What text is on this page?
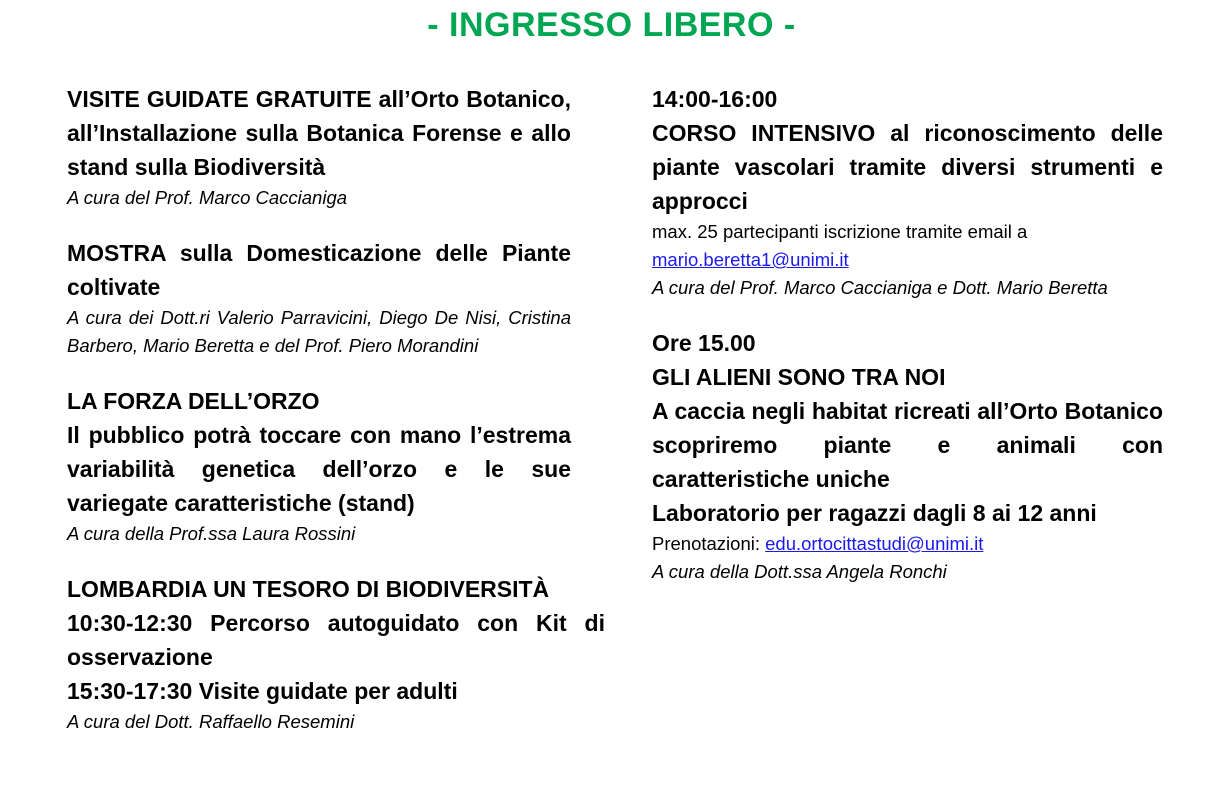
- INGRESSO LIBERO -
VISITE GUIDATE GRATUITE all’Orto Botanico, all’Installazione sulla Botanica Forense e allo stand sulla Biodiversità
A cura del Prof. Marco Caccianiga
MOSTRA sulla Domesticazione delle Piante coltivate
A cura dei Dott.ri Valerio Parravicini, Diego De Nisi, Cristina Barbero, Mario Beretta e del Prof. Piero Morandini
LA FORZA DELL’ORZO
Il pubblico potrà toccare con mano l’estrema variabilità genetica dell’orzo e le sue variegate caratteristiche (stand)
A cura della Prof.ssa Laura Rossini
LOMBARDIA UN TESORO DI BIODIVERSITÀ
10:30-12:30 Percorso autoguidato con Kit di osservazione
15:30-17:30 Visite guidate per adulti
A cura del Dott. Raffaello Resemini
14:00-16:00
CORSO INTENSIVO al riconoscimento delle piante vascolari tramite diversi strumenti e approcci
max. 25 partecipanti iscrizione tramite email a
mario.beretta1@unimi.it
A cura del Prof. Marco Caccianiga e Dott. Mario Beretta
Ore 15.00
GLI ALIENI SONO TRA NOI
A caccia negli habitat ricreati all’Orto Botanico scopriremo piante e animali con caratteristiche uniche
Laboratorio per ragazzi dagli 8 ai 12 anni
Prenotazioni: edu.ortocittastudi@unimi.it
A cura della Dott.ssa Angela Ronchi
